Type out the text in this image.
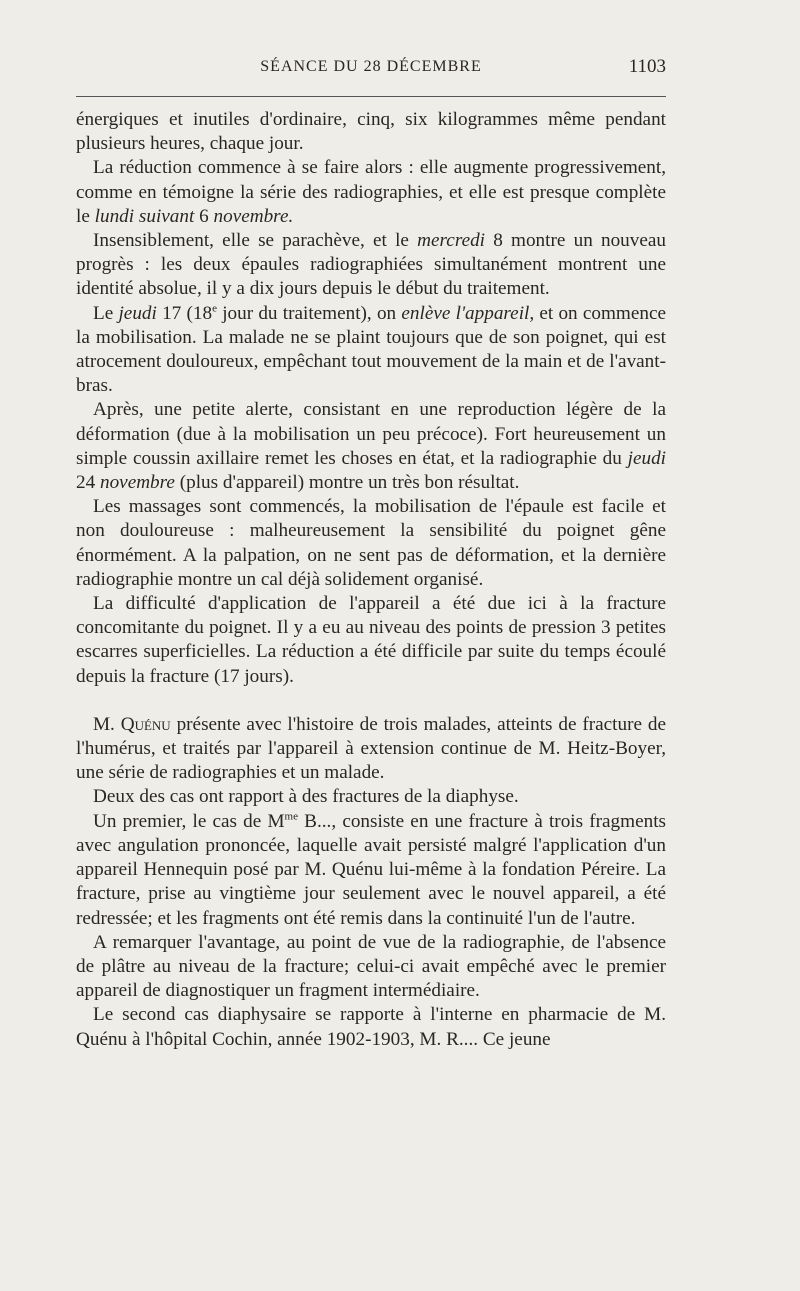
SÉANCE DU 28 DÉCEMBRE	1103

énergiques et inutiles d'ordinaire, cinq, six kilogrammes même pendant plusieurs heures, chaque jour.

La réduction commence à se faire alors : elle augmente progressivement, comme en témoigne la série des radiographies, et elle est presque complète le lundi suivant 6 novembre.

Insensiblement, elle se parachève, et le mercredi 8 montre un nouveau progrès : les deux épaules radiographiées simultanément montrent une identité absolue, il y a dix jours depuis le début du traitement.

Le jeudi 17 (18e jour du traitement), on enlève l'appareil, et on commence la mobilisation. La malade ne se plaint toujours que de son poignet, qui est atrocement douloureux, empêchant tout mouvement de la main et de l'avant-bras.

Après, une petite alerte, consistant en une reproduction légère de la déformation (due à la mobilisation un peu précoce). Fort heureusement un simple coussin axillaire remet les choses en état, et la radiographie du jeudi 24 novembre (plus d'appareil) montre un très bon résultat.

Les massages sont commencés, la mobilisation de l'épaule est facile et non douloureuse : malheureusement la sensibilité du poignet gêne énormément. A la palpation, on ne sent pas de déformation, et la dernière radiographie montre un cal déjà solidement organisé.

La difficulté d'application de l'appareil a été due ici à la fracture concomitante du poignet. Il y a eu au niveau des points de pression 3 petites escarres superficielles. La réduction a été difficile par suite du temps écoulé depuis la fracture (17 jours).

M. Quénu présente avec l'histoire de trois malades, atteints de fracture de l'humérus, et traités par l'appareil à extension continue de M. Heitz-Boyer, une série de radiographies et un malade.

Deux des cas ont rapport à des fractures de la diaphyse.

Un premier, le cas de $M^{me}$ B..., consiste en une fracture à trois fragments avec angulation prononcée, laquelle avait persisté malgré l'application d'un appareil Hennequin posé par M. Quénu lui-même à la fondation Péreire. La fracture, prise au vingtième jour seulement avec le nouvel appareil, a été redressée; et les fragments ont été remis dans la continuité l'un de l'autre.

A remarquer l'avantage, au point de vue de la radiographie, de l'absence de plâtre au niveau de la fracture; celui-ci avait empêché avec le premier appareil de diagnostiquer un fragment intermédiaire.

Le second cas diaphysaire se rapporte à l'interne en pharmacie de M. Quénu à l'hôpital Cochin, année 1902-1903, M. R.... Ce jeune
